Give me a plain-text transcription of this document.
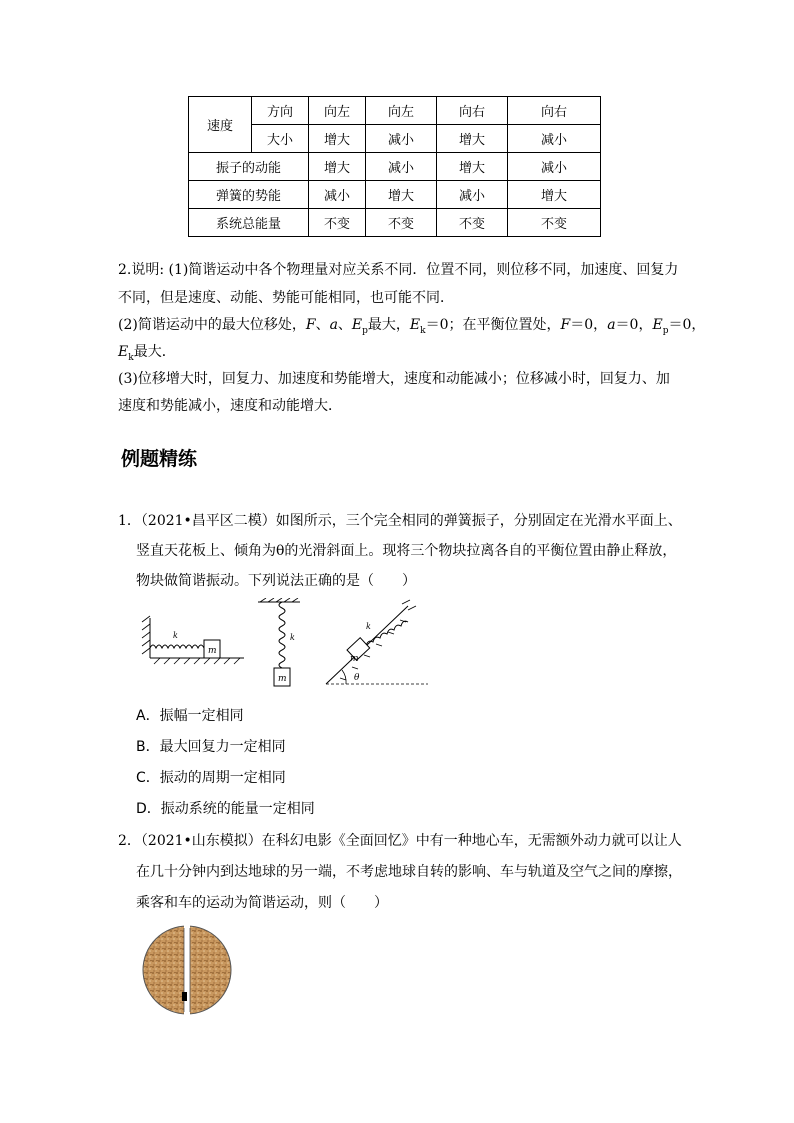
速度	方向	向左	向左	向右	向右
	大小	增大	减小	增大	减小
振子的动能		增大	减小	增大	减小
弹簧的势能		减小	增大	减小	增大
系统总能量		不变	不变	不变	不变
2.说明: (1)简谐运动中各个物理量对应关系不同．位置不同，则位移不同，加速度、回复力
不同，但是速度、动能、势能可能相同，也可能不同．
(2)简谐运动中的最大位移处，F、a、$E_p$最大，$E_k=0$；在平衡位置处，F＝0，a＝0，$E_p=0$，
$E_k$最大．
(3)位移增大时，回复力、加速度和势能增大，速度和动能减小；位移减小时，回复力、加
速度和势能减小，速度和动能增大．
例题精练
1．（2021•昌平区二模）如图所示，三个完全相同的弹簧振子，分别固定在光滑水平面上、
竖直天花板上、倾角为θ的光滑斜面上。现将三个物块拉离各自的平衡位置由静止释放，
物块做简谐振动。下列说法正确的是（　　）
m
k
m
k
m
k
θ
A．振幅一定相同
B．最大回复力一定相同
C．振动的周期一定相同
D．振动系统的能量一定相同
2．（2021•山东模拟）在科幻电影《全面回忆》中有一种地心车，无需额外动力就可以让人
在几十分钟内到达地球的另一端，不考虑地球自转的影响、车与轨道及空气之间的摩擦，
乘客和车的运动为简谐运动，则（　　）
